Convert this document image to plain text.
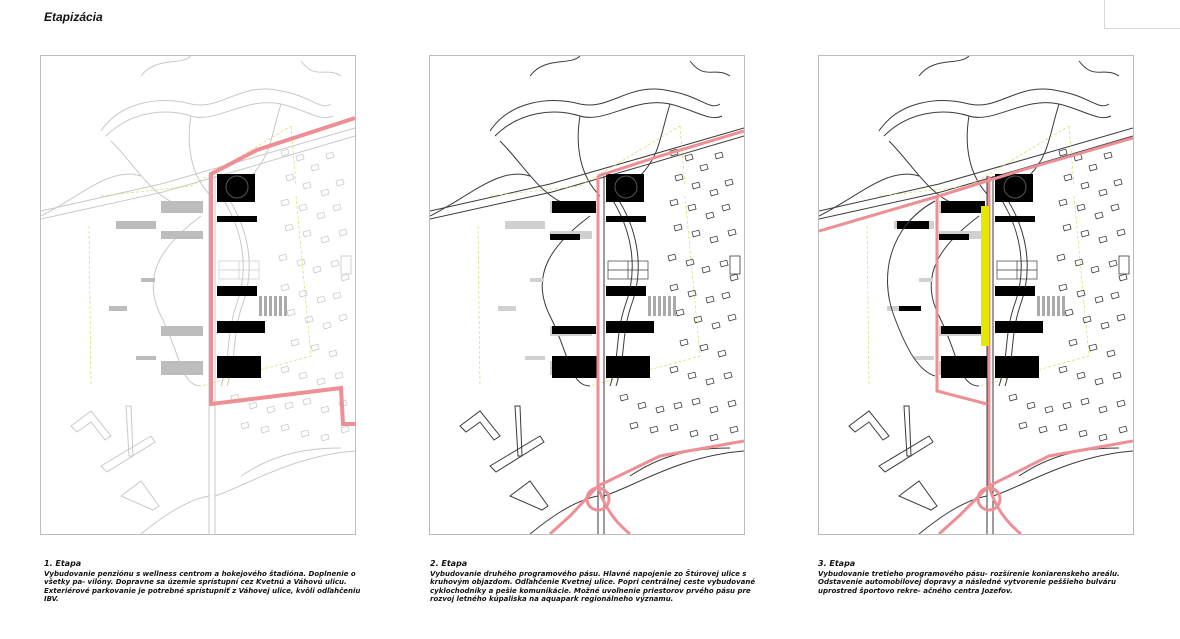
Etapizácia
1. Etapa
Vybudovanie penziónu s wellness centrom a hokejového štadióna. Doplnenie o všetky pa- vilóny. Dopravne sa územie sprístupní cez Kvetnú a Váhovú ulicu. Exteriérové parkovanie je potrebné sprístupniť z Váhovej ulice, kvôli odľahčeniu IBV.
2. Etapa
Vybudovanie druhého programového pásu. Hlavné napojenie zo Štúrovej ulice s kruhovým objazdom. Odľahčenie Kvetnej ulice. Popri centrálnej ceste vybudované cyklochodníky a pešie komunikácie. Možné uvoľnenie priestorov prvého pásu pre rozvoj letného kúpaliska na aquapark regionálneho významu.
3. Etapa
Vybudovanie tretieho programového pásu- rozšírenie koniarenskeho areálu. Odstavenie automobilovej dopravy a následné vytvorenie peššieho bulváru uprostred športovo rekre- ačného centra Jozefov.
